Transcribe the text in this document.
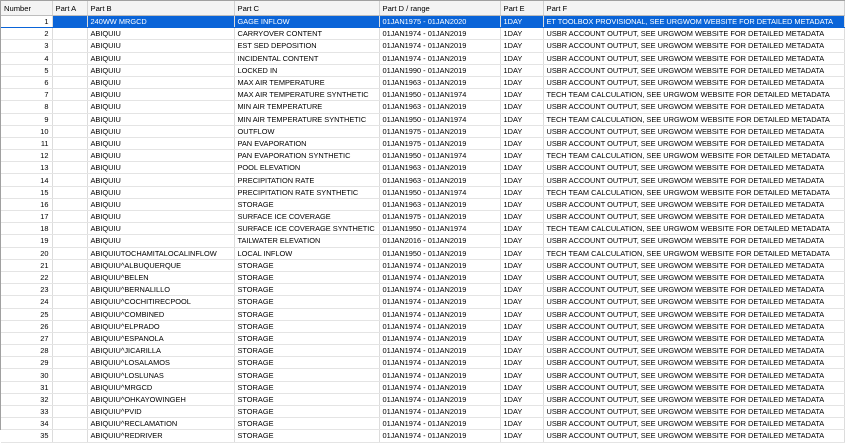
Number	Part A	Part B	Part C	Part D / range	Part E	Part F
1		240WW MRGCD	GAGE INFLOW	01JAN1975 - 01JAN2020	1DAY	ET TOOLBOX PROVISIONAL, SEE URGWOM WEBSITE FOR DETAILED METADATA
2		ABIQUIU	CARRYOVER CONTENT	01JAN1974 - 01JAN2019	1DAY	USBR ACCOUNT OUTPUT, SEE URGWOM WEBSITE FOR DETAILED METADATA
3		ABIQUIU	EST SED DEPOSITION	01JAN1974 - 01JAN2019	1DAY	USBR ACCOUNT OUTPUT, SEE URGWOM WEBSITE FOR DETAILED METADATA
4		ABIQUIU	INCIDENTAL CONTENT	01JAN1974 - 01JAN2019	1DAY	USBR ACCOUNT OUTPUT, SEE URGWOM WEBSITE FOR DETAILED METADATA
5		ABIQUIU	LOCKED IN	01JAN1990 - 01JAN2019	1DAY	USBR ACCOUNT OUTPUT, SEE URGWOM WEBSITE FOR DETAILED METADATA
6		ABIQUIU	MAX AIR TEMPERATURE	01JAN1963 - 01JAN2019	1DAY	USBR ACCOUNT OUTPUT, SEE URGWOM WEBSITE FOR DETAILED METADATA
7		ABIQUIU	MAX AIR TEMPERATURE SYNTHETIC	01JAN1950 - 01JAN1974	1DAY	TECH TEAM CALCULATION, SEE URGWOM WEBSITE FOR DETAILED METADATA
8		ABIQUIU	MIN AIR TEMPERATURE	01JAN1963 - 01JAN2019	1DAY	USBR ACCOUNT OUTPUT, SEE URGWOM WEBSITE FOR DETAILED METADATA
9		ABIQUIU	MIN AIR TEMPERATURE SYNTHETIC	01JAN1950 - 01JAN1974	1DAY	TECH TEAM CALCULATION, SEE URGWOM WEBSITE FOR DETAILED METADATA
10		ABIQUIU	OUTFLOW	01JAN1975 - 01JAN2019	1DAY	USBR ACCOUNT OUTPUT, SEE URGWOM WEBSITE FOR DETAILED METADATA
11		ABIQUIU	PAN EVAPORATION	01JAN1975 - 01JAN2019	1DAY	USBR ACCOUNT OUTPUT, SEE URGWOM WEBSITE FOR DETAILED METADATA
12		ABIQUIU	PAN EVAPORATION SYNTHETIC	01JAN1950 - 01JAN1974	1DAY	TECH TEAM CALCULATION, SEE URGWOM WEBSITE FOR DETAILED METADATA
13		ABIQUIU	POOL ELEVATION	01JAN1963 - 01JAN2019	1DAY	USBR ACCOUNT OUTPUT, SEE URGWOM WEBSITE FOR DETAILED METADATA
14		ABIQUIU	PRECIPITATION RATE	01JAN1963 - 01JAN2019	1DAY	USBR ACCOUNT OUTPUT, SEE URGWOM WEBSITE FOR DETAILED METADATA
15		ABIQUIU	PRECIPITATION RATE SYNTHETIC	01JAN1950 - 01JAN1974	1DAY	TECH TEAM CALCULATION, SEE URGWOM WEBSITE FOR DETAILED METADATA
16		ABIQUIU	STORAGE	01JAN1963 - 01JAN2019	1DAY	USBR ACCOUNT OUTPUT, SEE URGWOM WEBSITE FOR DETAILED METADATA
17		ABIQUIU	SURFACE ICE COVERAGE	01JAN1975 - 01JAN2019	1DAY	USBR ACCOUNT OUTPUT, SEE URGWOM WEBSITE FOR DETAILED METADATA
18		ABIQUIU	SURFACE ICE COVERAGE SYNTHETIC	01JAN1950 - 01JAN1974	1DAY	TECH TEAM CALCULATION, SEE URGWOM WEBSITE FOR DETAILED METADATA
19		ABIQUIU	TAILWATER ELEVATION	01JAN2016 - 01JAN2019	1DAY	USBR ACCOUNT OUTPUT, SEE URGWOM WEBSITE FOR DETAILED METADATA
20		ABIQUIUTOCHAMITALOCALINFLOW	LOCAL INFLOW	01JAN1950 - 01JAN2019	1DAY	TECH TEAM CALCULATION, SEE URGWOM WEBSITE FOR DETAILED METADATA
21		ABIQUIU^ALBUQUERQUE	STORAGE	01JAN1974 - 01JAN2019	1DAY	USBR ACCOUNT OUTPUT, SEE URGWOM WEBSITE FOR DETAILED METADATA
22		ABIQUIU^BELEN	STORAGE	01JAN1974 - 01JAN2019	1DAY	USBR ACCOUNT OUTPUT, SEE URGWOM WEBSITE FOR DETAILED METADATA
23		ABIQUIU^BERNALILLO	STORAGE	01JAN1974 - 01JAN2019	1DAY	USBR ACCOUNT OUTPUT, SEE URGWOM WEBSITE FOR DETAILED METADATA
24		ABIQUIU^COCHITIRECPOOL	STORAGE	01JAN1974 - 01JAN2019	1DAY	USBR ACCOUNT OUTPUT, SEE URGWOM WEBSITE FOR DETAILED METADATA
25		ABIQUIU^COMBINED	STORAGE	01JAN1974 - 01JAN2019	1DAY	USBR ACCOUNT OUTPUT, SEE URGWOM WEBSITE FOR DETAILED METADATA
26		ABIQUIU^ELPRADO	STORAGE	01JAN1974 - 01JAN2019	1DAY	USBR ACCOUNT OUTPUT, SEE URGWOM WEBSITE FOR DETAILED METADATA
27		ABIQUIU^ESPANOLA	STORAGE	01JAN1974 - 01JAN2019	1DAY	USBR ACCOUNT OUTPUT, SEE URGWOM WEBSITE FOR DETAILED METADATA
28		ABIQUIU^JICARILLA	STORAGE	01JAN1974 - 01JAN2019	1DAY	USBR ACCOUNT OUTPUT, SEE URGWOM WEBSITE FOR DETAILED METADATA
29		ABIQUIU^LOSALAMOS	STORAGE	01JAN1974 - 01JAN2019	1DAY	USBR ACCOUNT OUTPUT, SEE URGWOM WEBSITE FOR DETAILED METADATA
30		ABIQUIU^LOSLUNAS	STORAGE	01JAN1974 - 01JAN2019	1DAY	USBR ACCOUNT OUTPUT, SEE URGWOM WEBSITE FOR DETAILED METADATA
31		ABIQUIU^MRGCD	STORAGE	01JAN1974 - 01JAN2019	1DAY	USBR ACCOUNT OUTPUT, SEE URGWOM WEBSITE FOR DETAILED METADATA
32		ABIQUIU^OHKAYOWINGEH	STORAGE	01JAN1974 - 01JAN2019	1DAY	USBR ACCOUNT OUTPUT, SEE URGWOM WEBSITE FOR DETAILED METADATA
33		ABIQUIU^PVID	STORAGE	01JAN1974 - 01JAN2019	1DAY	USBR ACCOUNT OUTPUT, SEE URGWOM WEBSITE FOR DETAILED METADATA
34		ABIQUIU^RECLAMATION	STORAGE	01JAN1974 - 01JAN2019	1DAY	USBR ACCOUNT OUTPUT, SEE URGWOM WEBSITE FOR DETAILED METADATA
35		ABIQUIU^REDRIVER	STORAGE	01JAN1974 - 01JAN2019	1DAY	USBR ACCOUNT OUTPUT, SEE URGWOM WEBSITE FOR DETAILED METADATA
